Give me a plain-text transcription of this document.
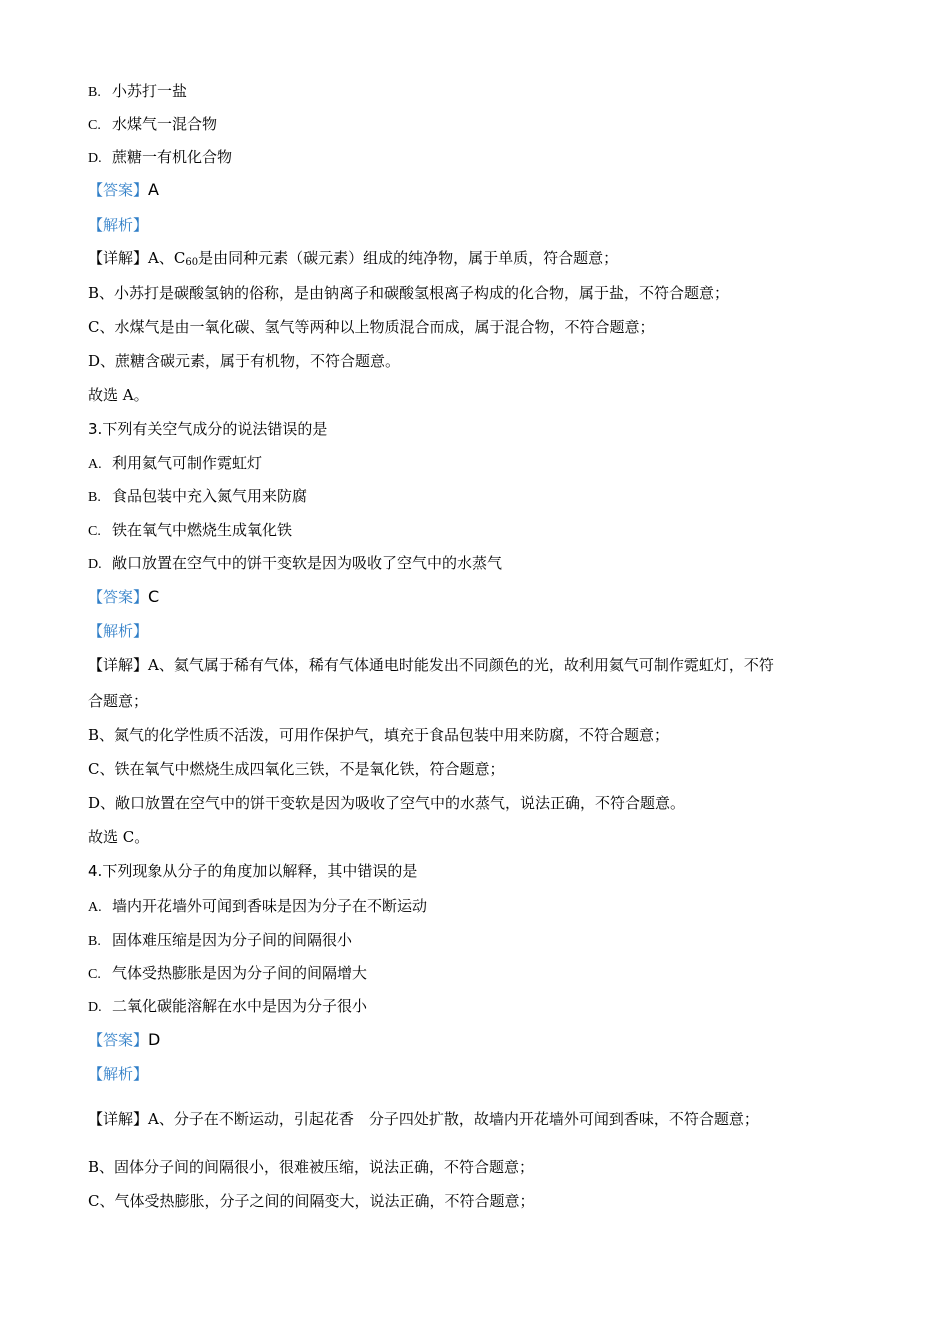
B. 小苏打一盐
C. 水煤气一混合物
D. 蔗糖一有机化合物
【答案】A
【解析】
【详解】A、$C_{60}$是由同种元素（碳元素）组成的纯净物，属于单质，符合题意；
B、小苏打是碳酸氢钠的俗称，是由钠离子和碳酸氢根离子构成的化合物，属于盐，不符合题意；
C、水煤气是由一氧化碳、氢气等两种以上物质混合而成，属于混合物，不符合题意；
D、蔗糖含碳元素，属于有机物，不符合题意。
故选 A。
3.下列有关空气成分的说法错误的是
A. 利用氦气可制作霓虹灯
B. 食品包装中充入氮气用来防腐
C. 铁在氧气中燃烧生成氧化铁
D. 敞口放置在空气中的饼干变软是因为吸收了空气中的水蒸气
【答案】C
【解析】
【详解】A、氦气属于稀有气体，稀有气体通电时能发出不同颜色的光，故利用氦气可制作霓虹灯，不符
合题意；
B、氮气的化学性质不活泼，可用作保护气，填充于食品包装中用来防腐，不符合题意；
C、铁在氧气中燃烧生成四氧化三铁，不是氧化铁，符合题意；
D、敞口放置在空气中的饼干变软是因为吸收了空气中的水蒸气，说法正确，不符合题意。
故选 C。
4.下列现象从分子的角度加以解释，其中错误的是
A. 墙内开花墙外可闻到香味是因为分子在不断运动
B. 固体难压缩是因为分子间的间隔很小
C. 气体受热膨胀是因为分子间的间隔增大
D. 二氧化碳能溶解在水中是因为分子很小
【答案】D
【解析】
【详解】A、分子在不断运动，引起花香 分子四处扩散，故墙内开花墙外可闻到香味，不符合题意；
B、固体分子间的间隔很小，很难被压缩，说法正确，不符合题意；
C、气体受热膨胀，分子之间的间隔变大，说法正确，不符合题意；
